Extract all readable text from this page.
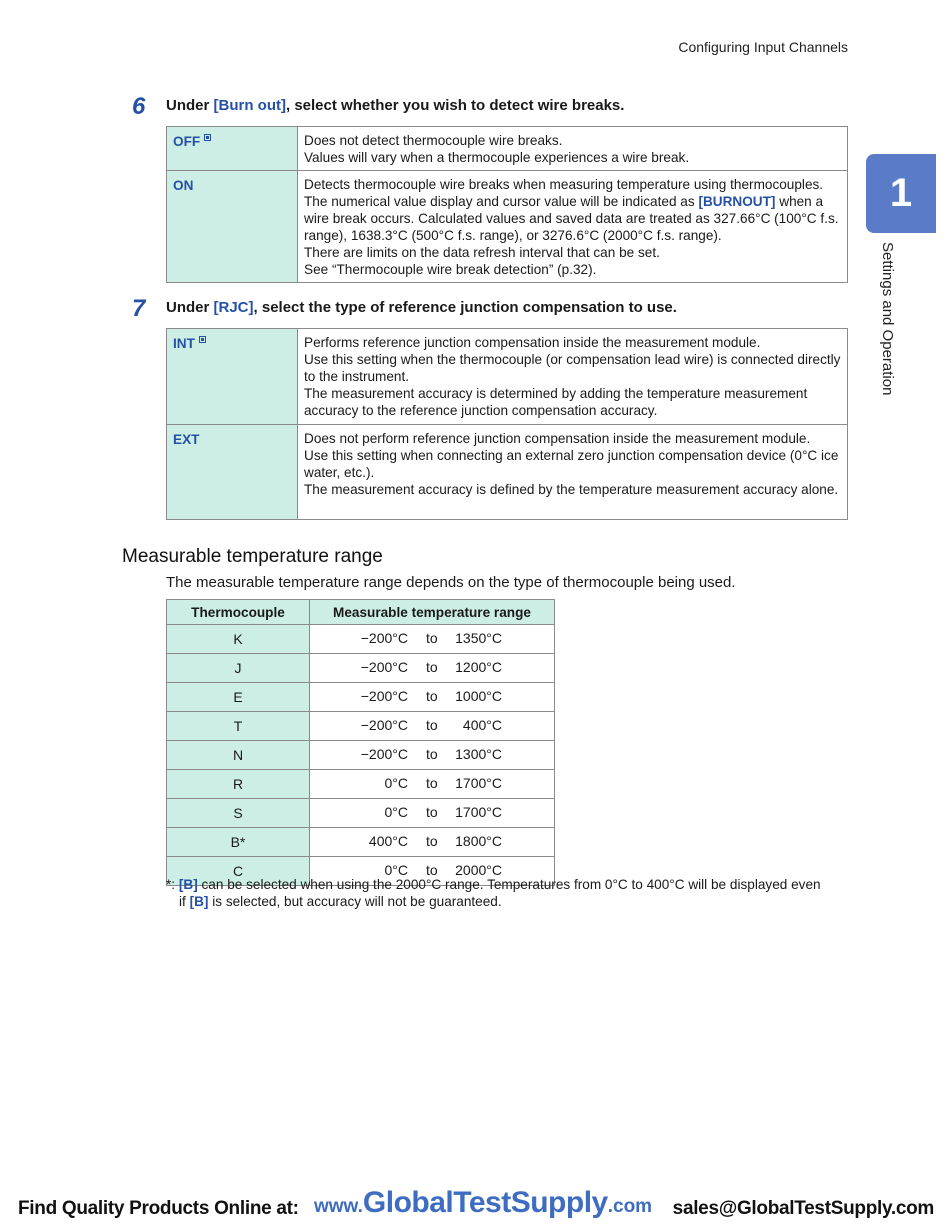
Configuring Input Channels
1
Settings and Operation
6 Under [Burn out], select whether you wish to detect wire breaks.
OFF	Does not detect thermocouple wire breaks.
Values will vary when a thermocouple experiences a wire break.

ON	Detects thermocouple wire breaks when measuring temperature using thermocouples.
The numerical value display and cursor value will be indicated as [BURNOUT] when a wire break occurs. Calculated values and saved data are treated as 327.66°C (100°C f.s. range), 1638.3°C (500°C f.s. range), or 3276.6°C (2000°C f.s. range).
There are limits on the data refresh interval that can be set.
See “Thermocouple wire break detection” (p.32).
7 Under [RJC], select the type of reference junction compensation to use.
INT	Performs reference junction compensation inside the measurement module.
Use this setting when the thermocouple (or compensation lead wire) is connected directly to the instrument.
The measurement accuracy is determined by adding the temperature measurement accuracy to the reference junction compensation accuracy.

EXT	Does not perform reference junction compensation inside the measurement module.
Use this setting when connecting an external zero junction compensation device (0°C ice water, etc.).
The measurement accuracy is defined by the temperature measurement accuracy alone.
Measurable temperature range
The measurable temperature range depends on the type of thermocouple being used.
Thermocouple	Measurable temperature range
K	−200°C to 1350°C

J	−200°C to 1200°C

E	−200°C to 1000°C

T	−200°C to 400°C

N	−200°C to 1300°C

R	0°C to 1700°C

S	0°C to 1700°C

B*	400°C to 1800°C

C	0°C to 2000°C
*: [B] can be selected when using the 2000°C range. Temperatures from 0°C to 400°C will be displayed even
if [B] is selected, but accuracy will not be guaranteed.
Find Quality Products Online at: www.GlobalTestSupply.com sales@GlobalTestSupply.com
